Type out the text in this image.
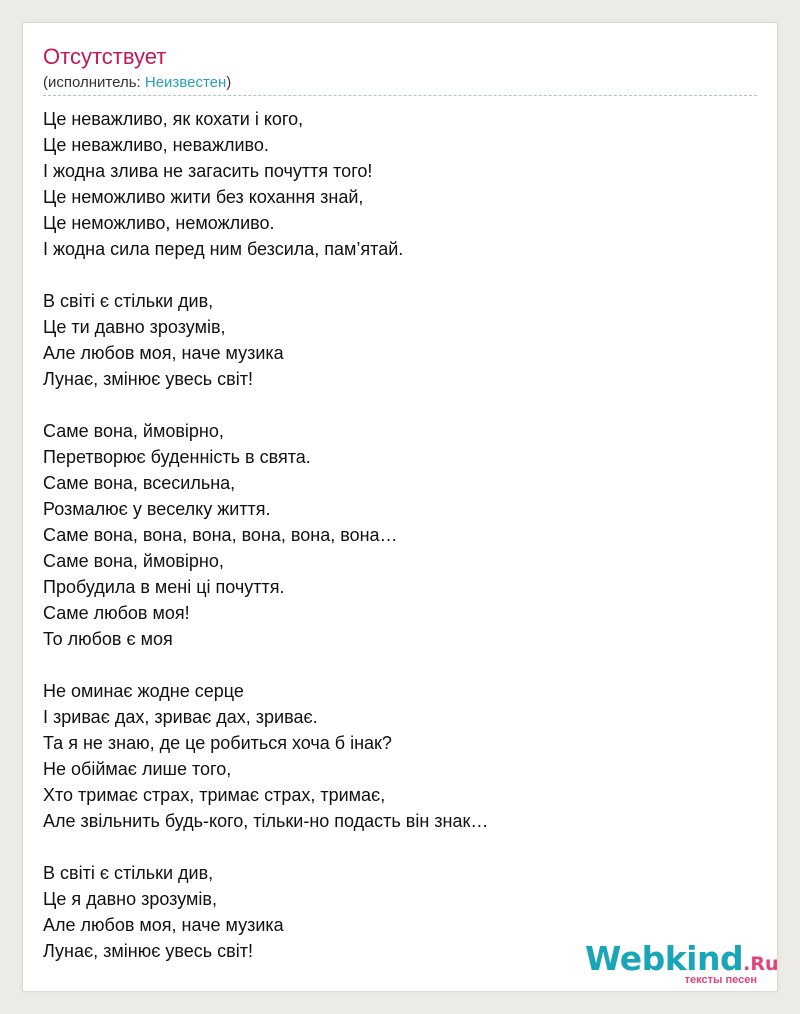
Отсутствует
(исполнитель: Неизвестен)
Це неважливо, як кохати і кого,
Це неважливо, неважливо.
І жодна злива не загасить почуття того!
Це неможливо жити без кохання знай,
Це неможливо, неможливо.
І жодна сила перед ним безсила, пам’ятай.
В світі є стільки див,
Це ти давно зрозумів,
Але любов моя, наче музика
Лунає, змінює увесь світ!
Саме вона, ймовірно,
Перетворює буденність в свята.
Саме вона, всесильна,
Розмалює у веселку життя.
Саме вона, вона, вона, вона, вона, вона…
Саме вона, ймовірно,
Пробудила в мені ці почуття.
Саме любов моя!
То любов є моя
Не оминає жодне серце
І зриває дах, зриває дах, зриває.
Та я не знаю, де це робиться хоча б інак?
Не обіймає лише того,
Хто тримає страх, тримає страх, тримає,
Але звільнить будь-кого, тільки-но подасть він знак…
В світі є стільки див,
Це я давно зрозумів,
Але любов моя, наче музика
Лунає, змінює увесь світ!	Webkind.Ru
тексты песен
